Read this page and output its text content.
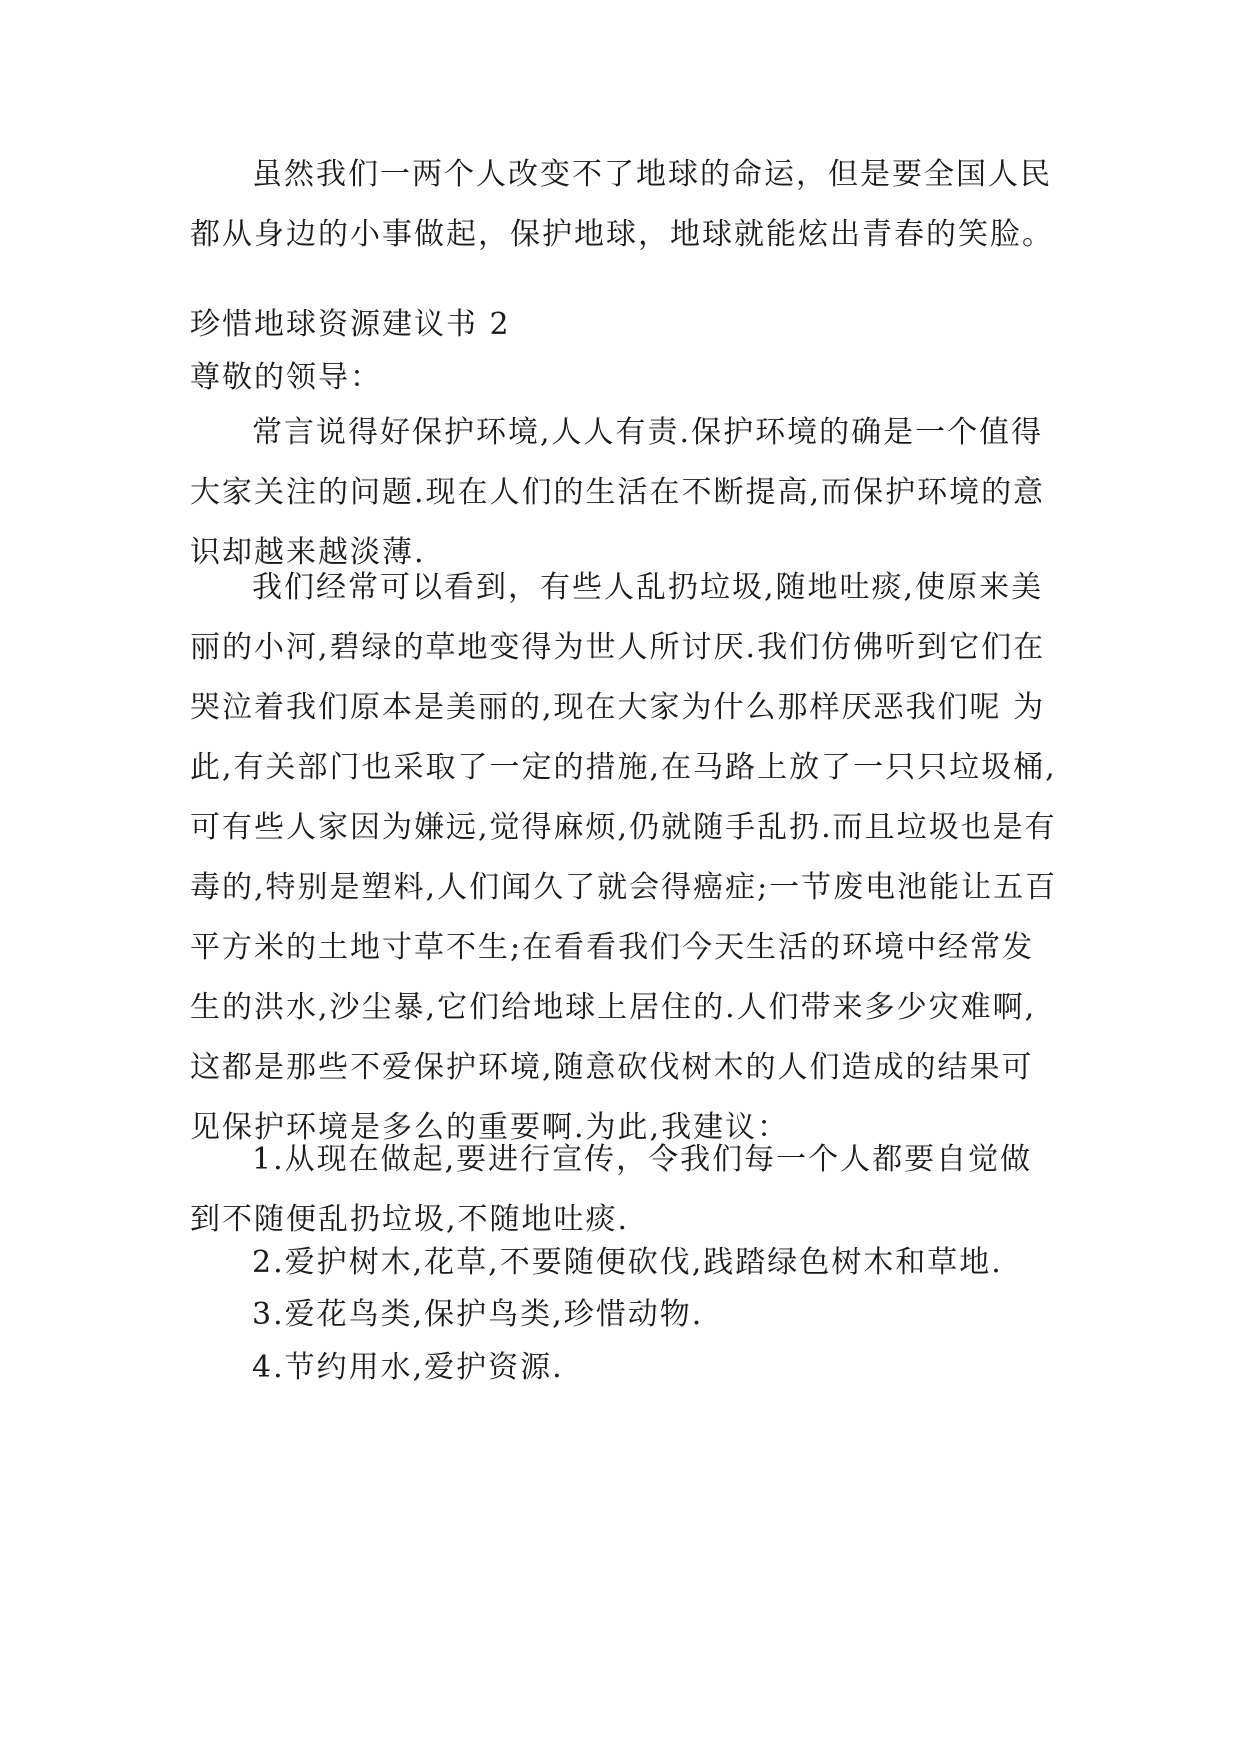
虽然我们一两个人改变不了地球的命运，但是要全国人民都从身边的小事做起，保护地球，地球就能炫出青春的笑脸。

珍惜地球资源建议书 2

尊敬的领导：

常言说得好保护环境,人人有责.保护环境的确是一个值得大家关注的问题.现在人们的生活在不断提高,而保护环境的意识却越来越淡薄.

我们经常可以看到，有些人乱扔垃圾,随地吐痰,使原来美丽的小河,碧绿的草地变得为世人所讨厌.我们仿佛听到它们在哭泣着我们原本是美丽的,现在大家为什么那样厌恶我们呢 为此,有关部门也采取了一定的措施,在马路上放了一只只垃圾桶,可有些人家因为嫌远,觉得麻烦,仍就随手乱扔.而且垃圾也是有毒的,特别是塑料,人们闻久了就会得癌症;一节废电池能让五百平方米的土地寸草不生;在看看我们今天生活的环境中经常发生的洪水,沙尘暴,它们给地球上居住的.人们带来多少灾难啊,这都是那些不爱保护环境,随意砍伐树木的人们造成的结果可见保护环境是多么的重要啊.为此,我建议：

1.从现在做起,要进行宣传，令我们每一个人都要自觉做到不随便乱扔垃圾,不随地吐痰.

2.爱护树木,花草,不要随便砍伐,践踏绿色树木和草地.

3.爱花鸟类,保护鸟类,珍惜动物.

4.节约用水,爱护资源.
